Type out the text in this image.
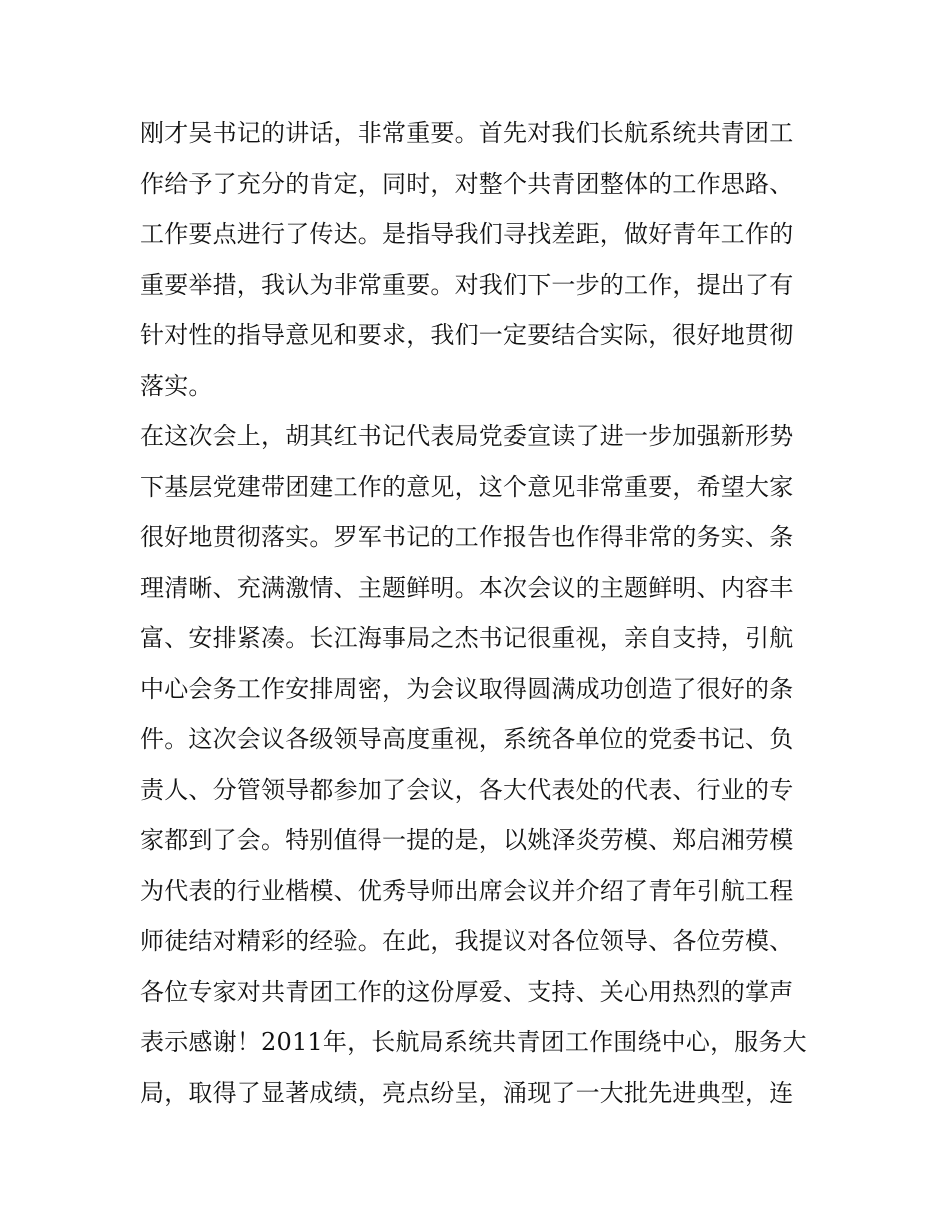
刚才吴书记的讲话，非常重要。首先对我们长航系统共青团工
作给予了充分的肯定，同时，对整个共青团整体的工作思路、
工作要点进行了传达。是指导我们寻找差距，做好青年工作的
重要举措，我认为非常重要。对我们下一步的工作，提出了有
针对性的指导意见和要求，我们一定要结合实际，很好地贯彻
落实。
在这次会上，胡其红书记代表局党委宣读了进一步加强新形势
下基层党建带团建工作的意见，这个意见非常重要，希望大家
很好地贯彻落实。罗军书记的工作报告也作得非常的务实、条
理清晰、充满激情、主题鲜明。本次会议的主题鲜明、内容丰
富、安排紧凑。长江海事局之杰书记很重视，亲自支持，引航
中心会务工作安排周密，为会议取得圆满成功创造了很好的条
件。这次会议各级领导高度重视，系统各单位的党委书记、负
责人、分管领导都参加了会议，各大代表处的代表、行业的专
家都到了会。特别值得一提的是，以姚泽炎劳模、郑启湘劳模
为代表的行业楷模、优秀导师出席会议并介绍了青年引航工程
师徒结对精彩的经验。在此，我提议对各位领导、各位劳模、
各位专家对共青团工作的这份厚爱、支持、关心用热烈的掌声
表示感谢！2011年，长航局系统共青团工作围绕中心，服务大
局，取得了显著成绩，亮点纷呈，涌现了一大批先进典型，连
